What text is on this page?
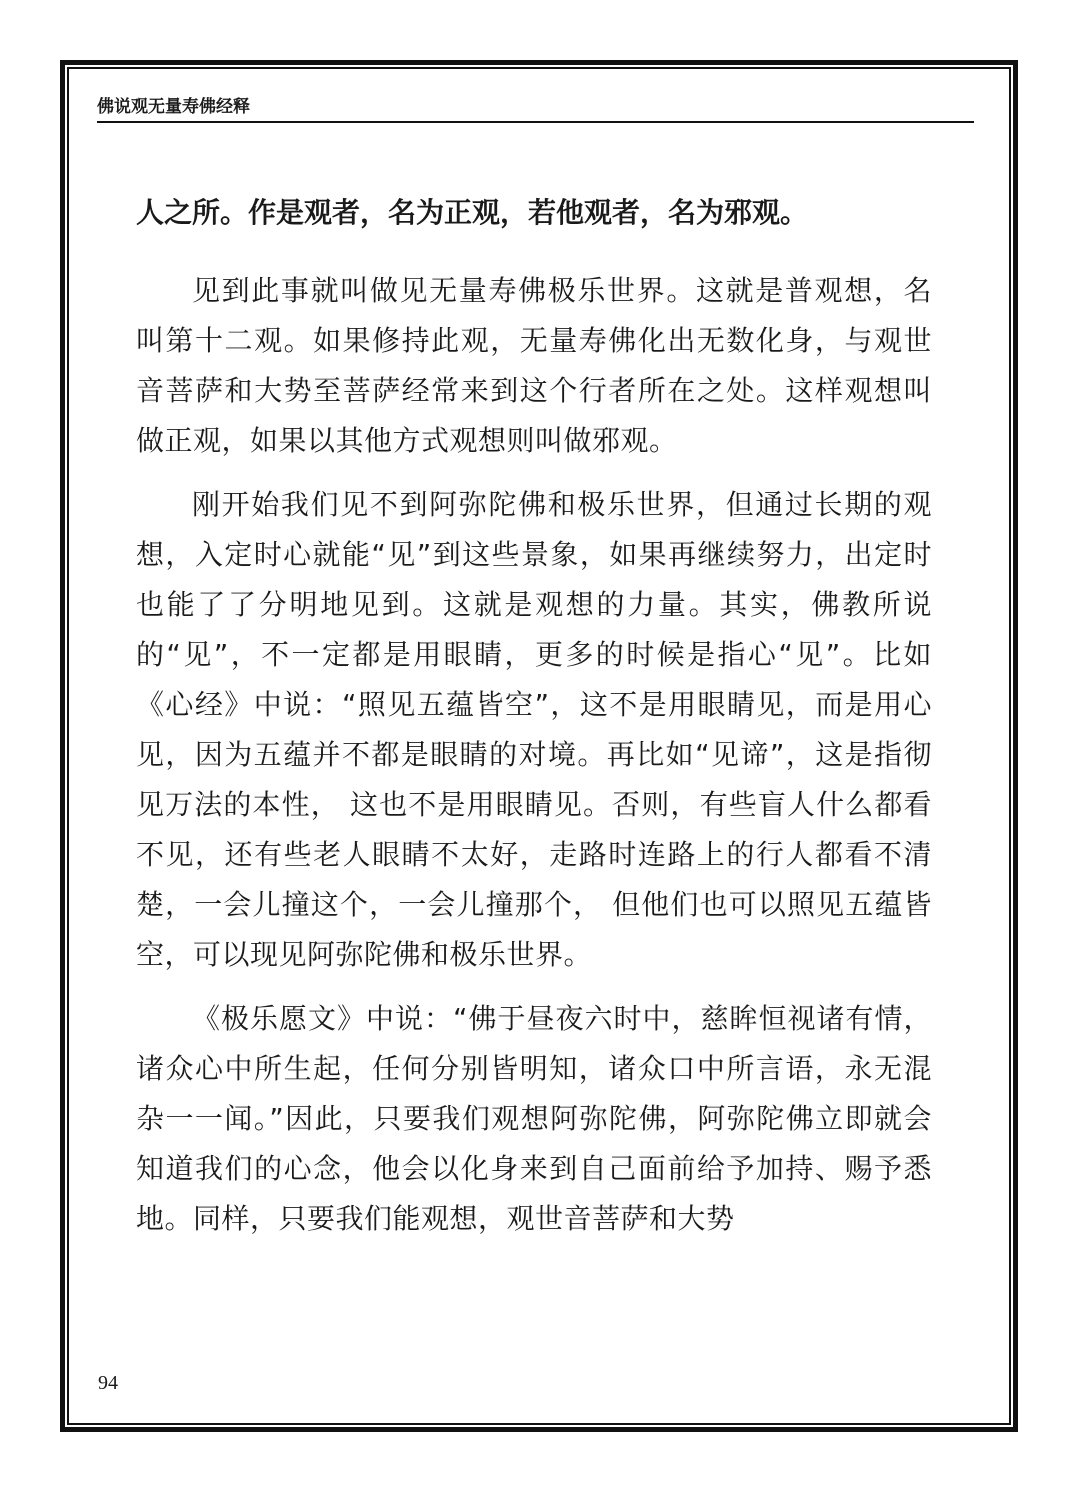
佛说观无量寿佛经释
人之所。作是观者，名为正观，若他观者，名为邪观。

见到此事就叫做见无量寿佛极乐世界。这就是普观想，名叫第十二观。如果修持此观，无量寿佛化出无数化身，与观世音菩萨和大势至菩萨经常来到这个行者所在之处。这样观想叫做正观，如果以其他方式观想则叫做邪观。

刚开始我们见不到阿弥陀佛和极乐世界，但通过长期的观想，入定时心就能“见”到这些景象，如果再继续努力，出定时也能了了分明地见到。这就是观想的力量。其实，佛教所说的“见”，不一定都是用眼睛，更多的时候是指心“见”。比如《心经》中说：“照见五蕴皆空”，这不是用眼睛见，而是用心见，因为五蕴并不都是眼睛的对境。再比如“见谛”，这是指彻见万法的本性， 这也不是用眼睛见。否则，有些盲人什么都看不见，还有些老人眼睛不太好，走路时连路上的行人都看不清楚，一会儿撞这个，一会儿撞那个， 但他们也可以照见五蕴皆空，可以现见阿弥陀佛和极乐世界。

《极乐愿文》中说：“佛于昼夜六时中，慈眸恒视诸有情，诸众心中所生起，任何分别皆明知，诸众口中所言语，永无混杂一一闻。”因此，只要我们观想阿弥陀佛，阿弥陀佛立即就会知道我们的心念，他会以化身来到自己面前给予加持、赐予悉地。同样，只要我们能观想，观世音菩萨和大势

94
